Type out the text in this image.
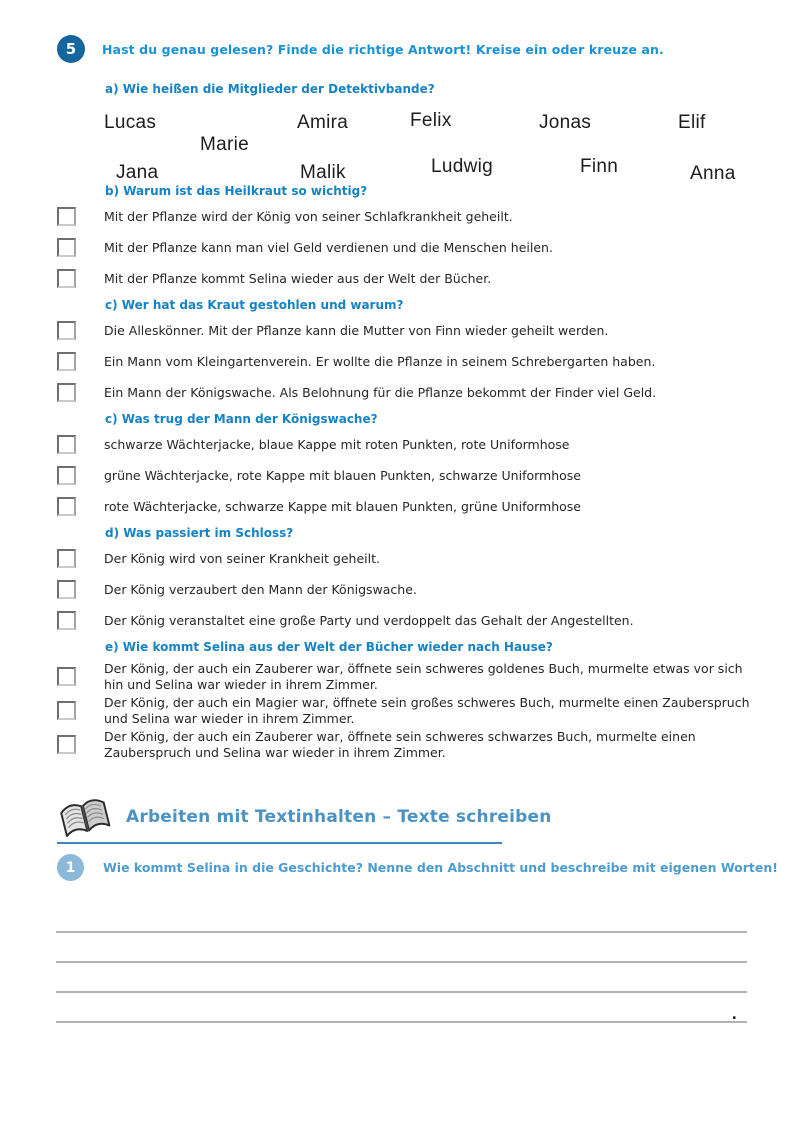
5	Hast du genau gelesen? Finde die richtige Antwort! Kreise ein oder kreuze an.
a) Wie heißen die Mitglieder der Detektivbande?
Lucas
Marie
Amira	Felix	Jonas	Elif
Jana	Malik	Ludwig	Finn	Anna
b) Warum ist das Heilkraut so wichtig?
Mit der Pflanze wird der König von seiner Schlafkrankheit geheilt.
Mit der Pflanze kann man viel Geld verdienen und die Menschen heilen.
Mit der Pflanze kommt Selina wieder aus der Welt der Bücher.
c) Wer hat das Kraut gestohlen und warum?
Die Alleskönner. Mit der Pflanze kann die Mutter von Finn wieder geheilt werden.
Ein Mann vom Kleingartenverein. Er wollte die Pflanze in seinem Schrebergarten haben.
Ein Mann der Königswache. Als Belohnung für die Pflanze bekommt der Finder viel Geld.
c) Was trug der Mann der Königswache?
schwarze Wächterjacke, blaue Kappe mit roten Punkten, rote Uniformhose
grüne Wächterjacke, rote Kappe mit blauen Punkten, schwarze Uniformhose
rote Wächterjacke, schwarze Kappe mit blauen Punkten, grüne Uniformhose
d) Was passiert im Schloss?
Der König wird von seiner Krankheit geheilt.
Der König verzaubert den Mann der Königswache.
Der König veranstaltet eine große Party und verdoppelt das Gehalt der Angestellten.
e) Wie kommt Selina aus der Welt der Bücher wieder nach Hause?
Der König, der auch ein Zauberer war, öffnete sein schweres goldenes Buch, murmelte etwas vor sich hin und Selina war wieder in ihrem Zimmer.
Der König, der auch ein Magier war, öffnete sein großes schweres Buch, murmelte einen Zauberspruch und Selina war wieder in ihrem Zimmer.
Der König, der auch ein Zauberer war, öffnete sein schweres schwarzes Buch, murmelte einen Zauberspruch und Selina war wieder in ihrem Zimmer.
Arbeiten mit Textinhalten – Texte schreiben
1	Wie kommt Selina in die Geschichte? Nenne den Abschnitt und beschreibe mit eigenen Worten!
.
